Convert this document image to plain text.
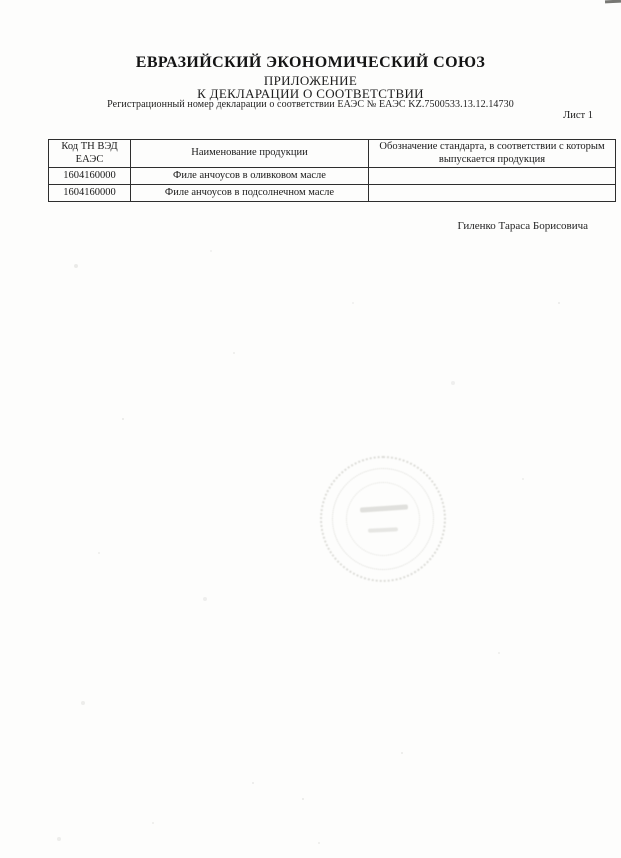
ЕВРАЗИЙСКИЙ ЭКОНОМИЧЕСКИЙ СОЮЗ
ПРИЛОЖЕНИЕ
К ДЕКЛАРАЦИИ О СООТВЕТСТВИИ
Регистрационный номер декларации о соответствии ЕАЭС № ЕАЭС KZ.7500533.13.12.14730
Лист 1
Код ТН ВЭД ЕАЭС	Наименование продукции	Обозначение стандарта, в соответствии с которым выпускается продукция
1604160000	Филе анчоусов в оливковом масле	
1604160000	Филе анчоусов в подсолнечном масле	
Гиленко Тараса Борисовича
